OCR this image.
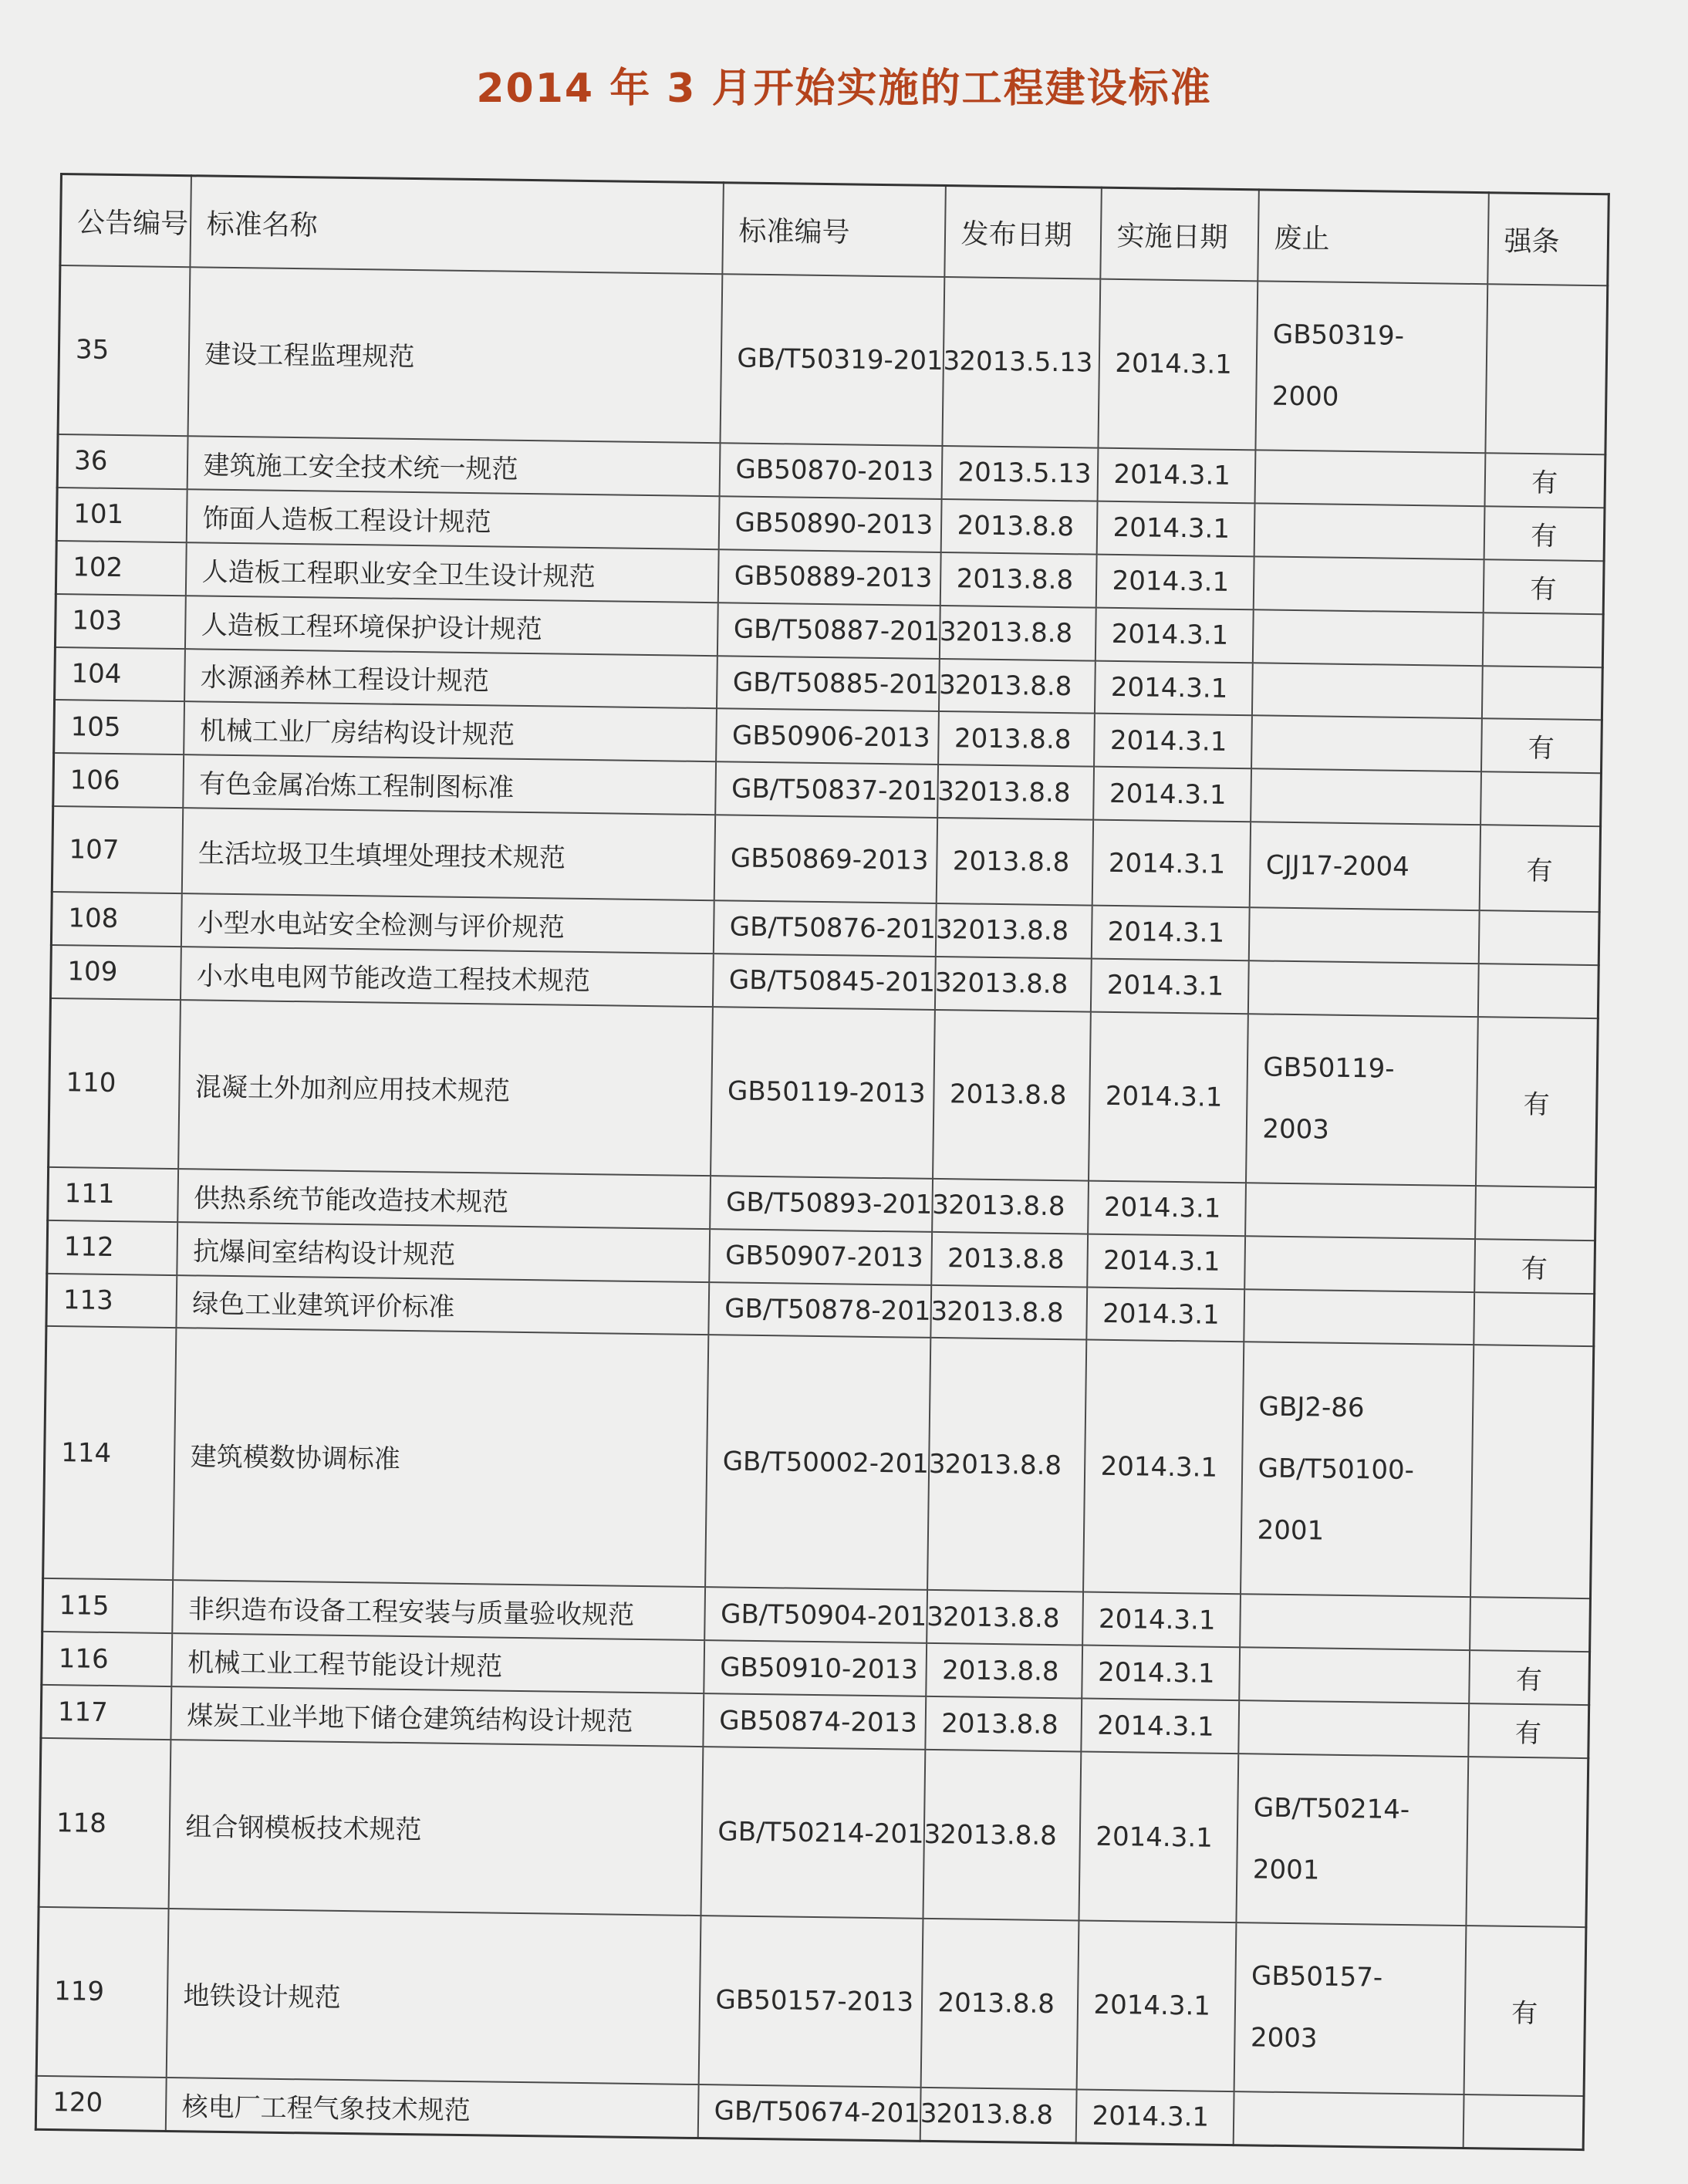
2014 年 3 月开始实施的工程建设标准
公告编号	标准名称	标准编号	发布日期	实施日期	废止	强条
35	建设工程监理规范	GB/T50319-2013	2013.5.13	2014.3.1	GB50319-2000	
36	建筑施工安全技术统一规范	GB50870-2013	2013.5.13	2014.3.1		有
101	饰面人造板工程设计规范	GB50890-2013	2013.8.8	2014.3.1		有
102	人造板工程职业安全卫生设计规范	GB50889-2013	2013.8.8	2014.3.1		有
103	人造板工程环境保护设计规范	GB/T50887-2013	2013.8.8	2014.3.1		
104	水源涵养林工程设计规范	GB/T50885-2013	2013.8.8	2014.3.1		
105	机械工业厂房结构设计规范	GB50906-2013	2013.8.8	2014.3.1		有
106	有色金属冶炼工程制图标准	GB/T50837-2013	2013.8.8	2014.3.1		
107	生活垃圾卫生填埋处理技术规范	GB50869-2013	2013.8.8	2014.3.1	CJJ17-2004	有
108	小型水电站安全检测与评价规范	GB/T50876-2013	2013.8.8	2014.3.1		
109	小水电电网节能改造工程技术规范	GB/T50845-2013	2013.8.8	2014.3.1		
110	混凝土外加剂应用技术规范	GB50119-2013	2013.8.8	2014.3.1	GB50119-2003	有
111	供热系统节能改造技术规范	GB/T50893-2013	2013.8.8	2014.3.1		
112	抗爆间室结构设计规范	GB50907-2013	2013.8.8	2014.3.1		有
113	绿色工业建筑评价标准	GB/T50878-2013	2013.8.8	2014.3.1		
114	建筑模数协调标准	GB/T50002-2013	2013.8.8	2014.3.1	GBJ2-86 GB/T50100-2001	
115	非织造布设备工程安装与质量验收规范	GB/T50904-2013	2013.8.8	2014.3.1		
116	机械工业工程节能设计规范	GB50910-2013	2013.8.8	2014.3.1		有
117	煤炭工业半地下储仓建筑结构设计规范	GB50874-2013	2013.8.8	2014.3.1		有
118	组合钢模板技术规范	GB/T50214-2013	2013.8.8	2014.3.1	GB/T50214-2001	
119	地铁设计规范	GB50157-2013	2013.8.8	2014.3.1	GB50157-2003	有
120	核电厂工程气象技术规范	GB/T50674-2013	2013.8.8	2014.3.1		
